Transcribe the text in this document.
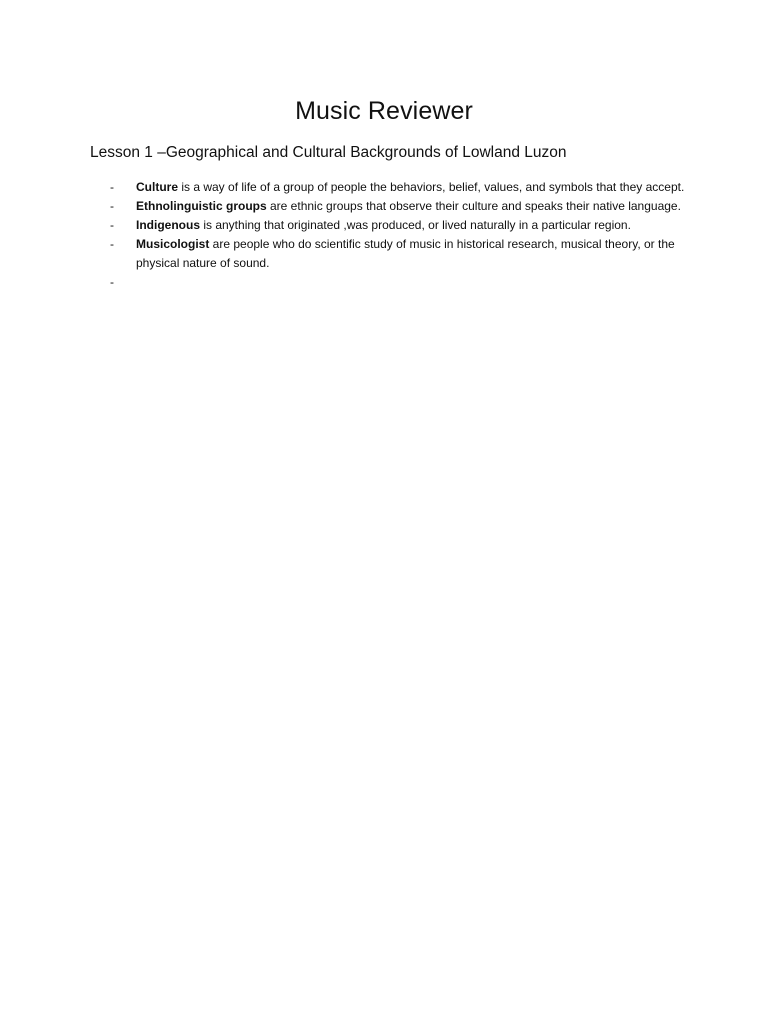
Music Reviewer

Lesson 1 –Geographical and Cultural Backgrounds of Lowland Luzon

- Culture is a way of life of a group of people the behaviors, belief, values, and symbols that they accept.
- Ethnolinguistic groups are ethnic groups that observe their culture and speaks their native language.
- Indigenous is anything that originated ,was produced, or lived naturally in a particular region.
- Musicologist are people who do scientific study of music in historical research, musical theory, or the physical nature of sound.
-
